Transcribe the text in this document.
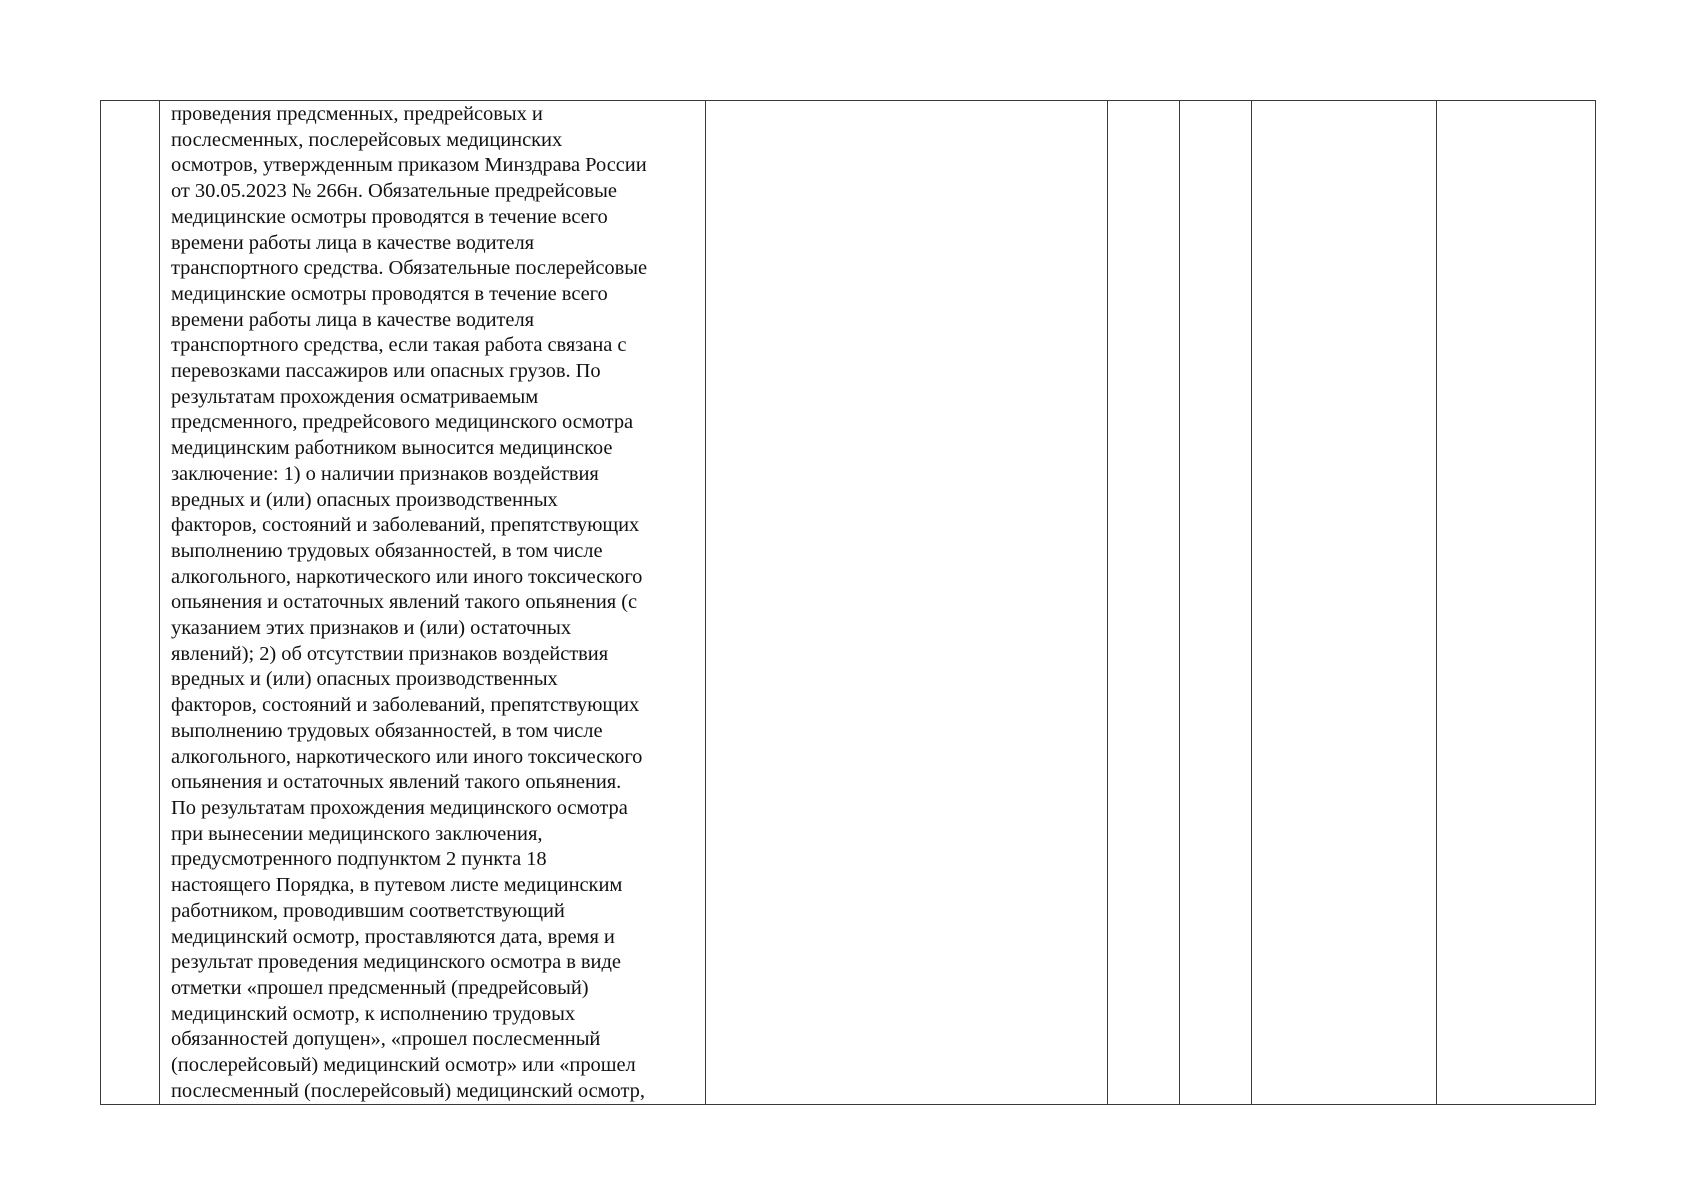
проведения предсменных, предрейсовых и
послесменных, послерейсовых медицинских
осмотров, утвержденным приказом Минздрава России
от 30.05.2023 № 266н. Обязательные предрейсовые
медицинские осмотры проводятся в течение всего
времени работы лица в качестве водителя
транспортного средства. Обязательные послерейсовые
медицинские осмотры проводятся в течение всего
времени работы лица в качестве водителя
транспортного средства, если такая работа связана с
перевозками пассажиров или опасных грузов. По
результатам прохождения осматриваемым
предсменного, предрейсового медицинского осмотра
медицинским работником выносится медицинское
заключение: 1) о наличии признаков воздействия
вредных и (или) опасных производственных
факторов, состояний и заболеваний, препятствующих
выполнению трудовых обязанностей, в том числе
алкогольного, наркотического или иного токсического
опьянения и остаточных явлений такого опьянения (с
указанием этих признаков и (или) остаточных
явлений); 2) об отсутствии признаков воздействия
вредных и (или) опасных производственных
факторов, состояний и заболеваний, препятствующих
выполнению трудовых обязанностей, в том числе
алкогольного, наркотического или иного токсического
опьянения и остаточных явлений такого опьянения.
По результатам прохождения медицинского осмотра
при вынесении медицинского заключения,
предусмотренного подпунктом 2 пункта 18
настоящего Порядка, в путевом листе медицинским
работником, проводившим соответствующий
медицинский осмотр, проставляются дата, время и
результат проведения медицинского осмотра в виде
отметки «прошел предсменный (предрейсовый)
медицинский осмотр, к исполнению трудовых
обязанностей допущен», «прошел послесменный
(послерейсовый) медицинский осмотр» или «прошел
послесменный (послерейсовый) медицинский осмотр,
